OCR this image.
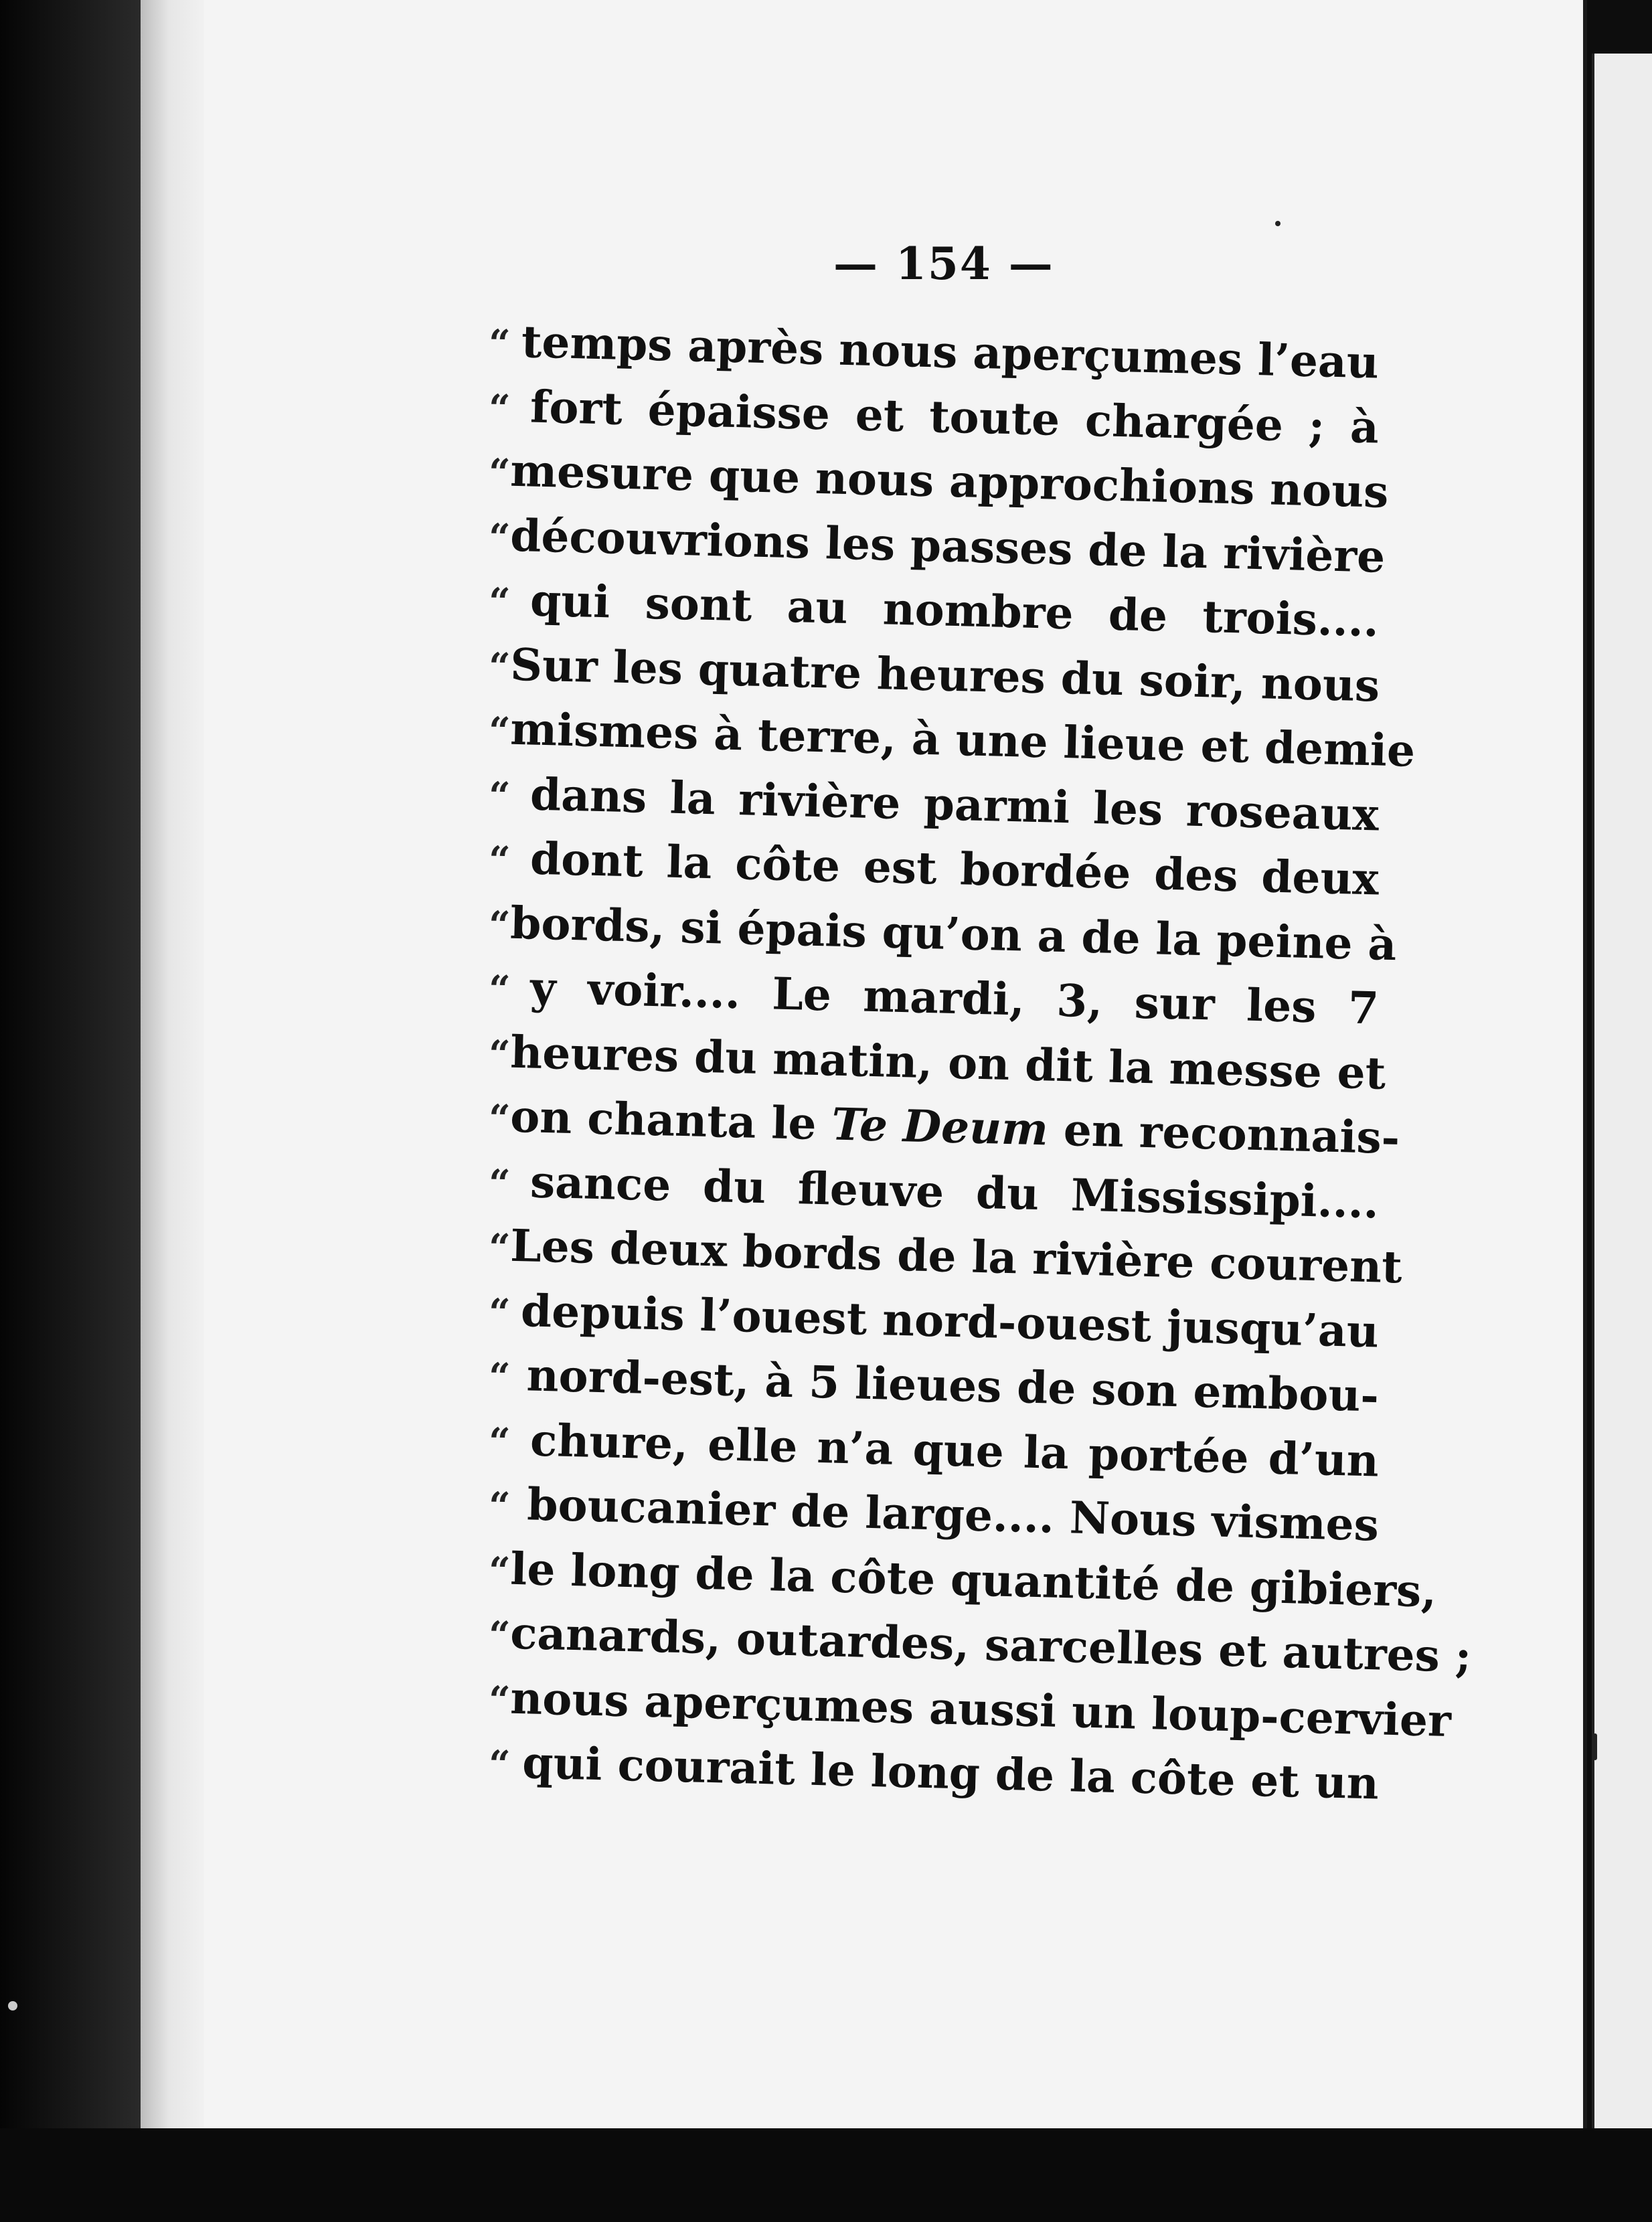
— 154 —
“ temps après nous aperçumes l’eau
“ fort épaisse et toute chargée ; à
“
mesure que nous approchions nous
“
découvrions les passes de la rivière
“ qui sont au nombre de trois....
“
Sur les quatre heures du soir, nous
“
mismes à terre, à une lieue et demie
“ dans la rivière parmi les roseaux
“ dont la côte est bordée des deux
“
bords, si épais qu’on a de la peine à
“ y voir.... Le mardi, 3, sur les 7
“
heures du matin, on dit la messe et
“
on chanta le Te Deum en reconnais-
“ sance du fleuve du Mississipi....
“
Les deux bords de la rivière courent
“ depuis l’ouest nord-ouest jusqu’au
“ nord-est, à 5 lieues de son embou-
“ chure, elle n’a que la portée d’un
“ boucanier de large.... Nous vismes
“
le long de la côte quantité de gibiers,
“
canards, outardes, sarcelles et autres ;
“
nous aperçumes aussi un loup-cervier
“ qui courait le long de la côte et un
